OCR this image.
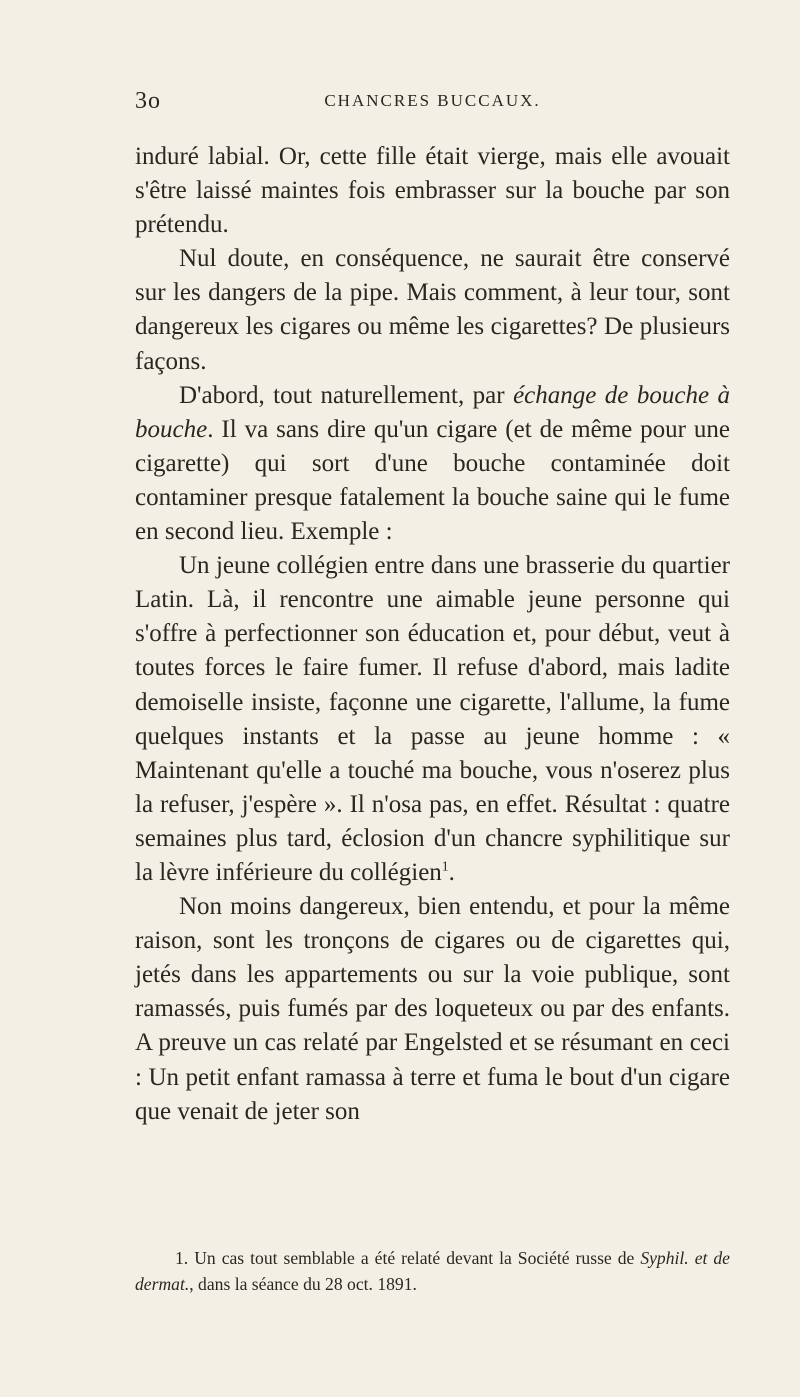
3o	CHANCRES BUCCAUX.

induré labial. Or, cette fille était vierge, mais elle avouait s'être laissé maintes fois embrasser sur la bouche par son prétendu.

Nul doute, en conséquence, ne saurait être conservé sur les dangers de la pipe. Mais comment, à leur tour, sont dangereux les cigares ou même les cigarettes? De plusieurs façons.

D'abord, tout naturellement, par échange de bouche à bouche. Il va sans dire qu'un cigare (et de même pour une cigarette) qui sort d'une bouche contaminée doit contaminer presque fatalement la bouche saine qui le fume en second lieu. Exemple :

Un jeune collégien entre dans une brasserie du quartier Latin. Là, il rencontre une aimable jeune personne qui s'offre à perfectionner son éducation et, pour début, veut à toutes forces le faire fumer. Il refuse d'abord, mais ladite demoiselle insiste, façonne une cigarette, l'allume, la fume quelques instants et la passe au jeune homme : « Maintenant qu'elle a touché ma bouche, vous n'oserez plus la refuser, j'espère ». Il n'osa pas, en effet. Résultat : quatre semaines plus tard, éclosion d'un chancre syphilitique sur la lèvre inférieure du collégien$^1$.

Non moins dangereux, bien entendu, et pour la même raison, sont les tronçons de cigares ou de cigarettes qui, jetés dans les appartements ou sur la voie publique, sont ramassés, puis fumés par des loqueteux ou par des enfants. A preuve un cas relaté par Engelsted et se résumant en ceci : Un petit enfant ramassa à terre et fuma le bout d'un cigare que venait de jeter son

1. Un cas tout semblable a été relaté devant la Société russe de Syphil. et de dermat., dans la séance du 28 oct. 1891.
